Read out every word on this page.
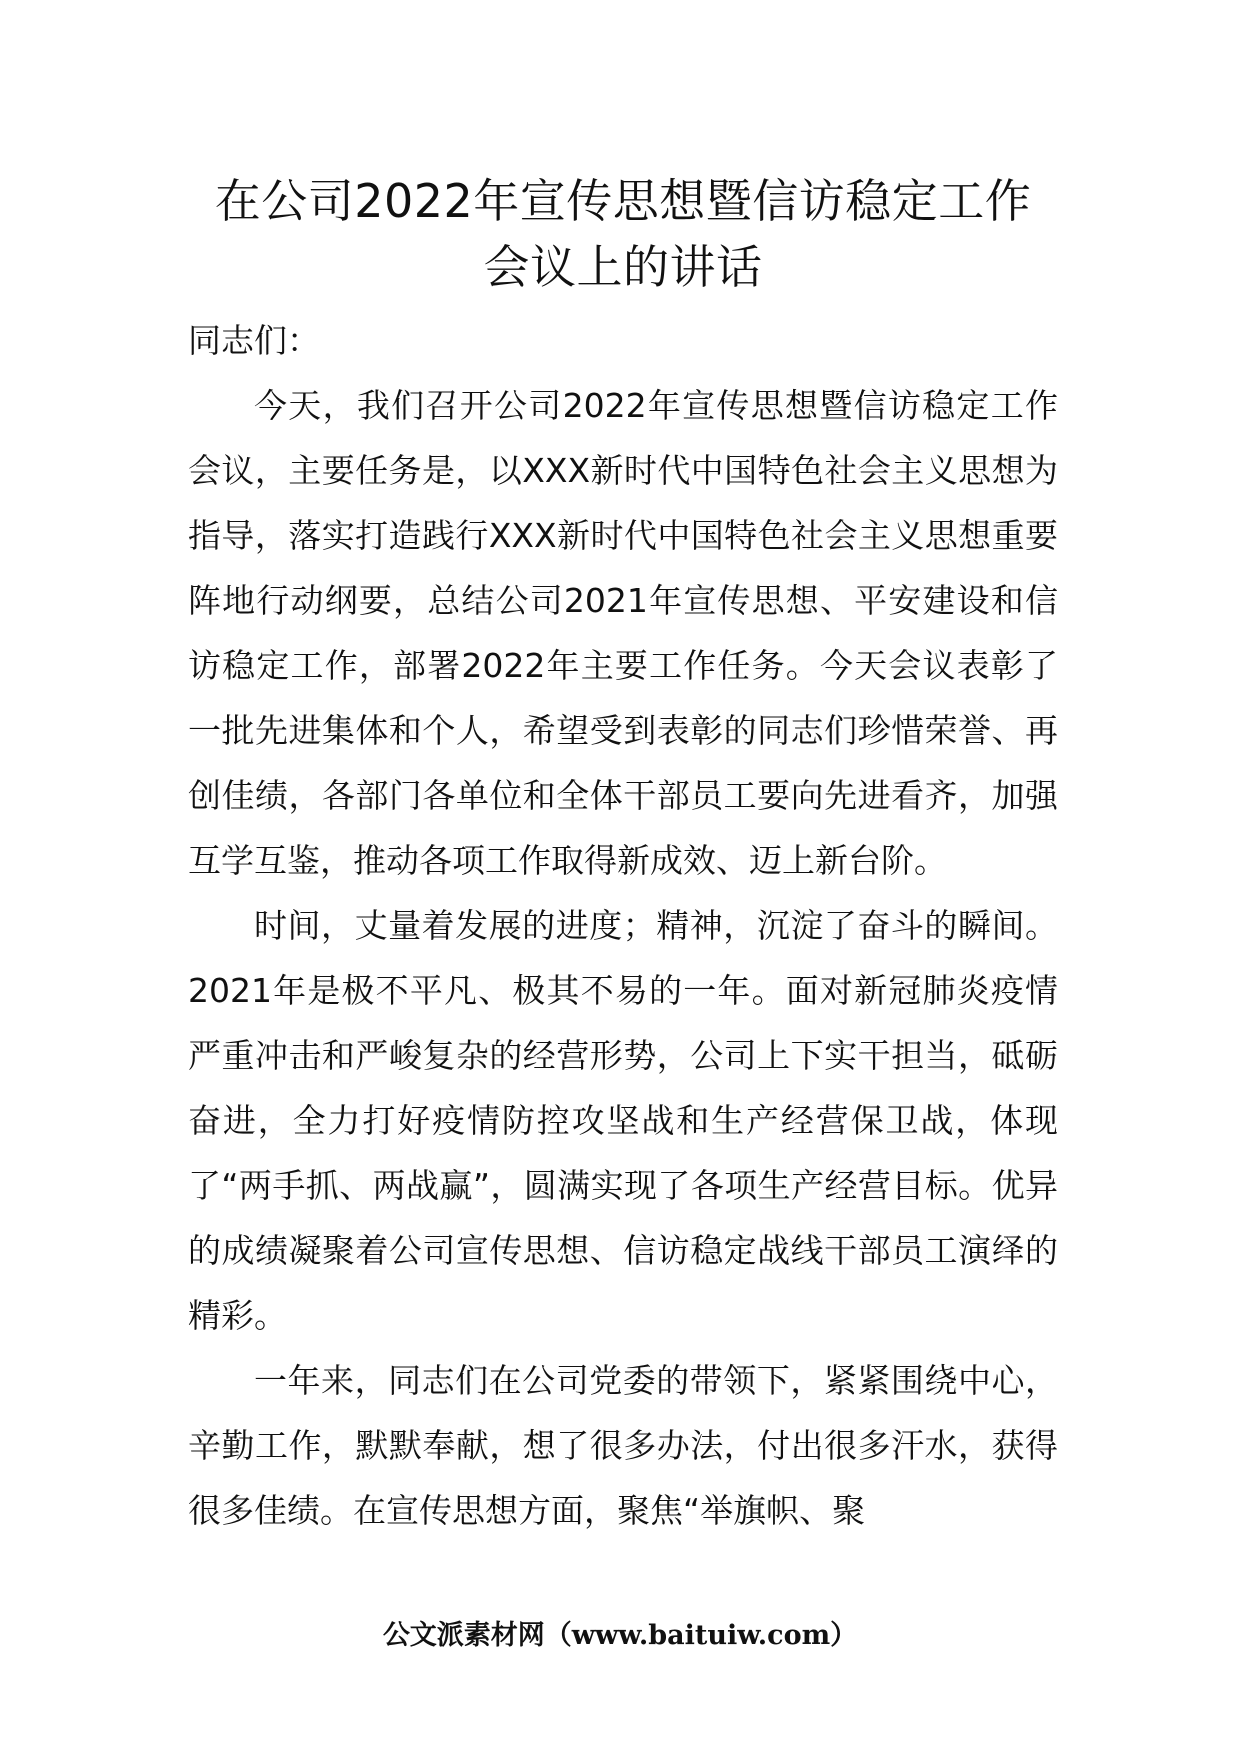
在公司2022年宣传思想暨信访稳定工作
会议上的讲话

同志们：

今天，我们召开公司2022年宣传思想暨信访稳定工作会议，主要任务是，以XXX新时代中国特色社会主义思想为指导，落实打造践行XXX新时代中国特色社会主义思想重要阵地行动纲要，总结公司2021年宣传思想、平安建设和信访稳定工作，部署2022年主要工作任务。今天会议表彰了一批先进集体和个人，希望受到表彰的同志们珍惜荣誉、再创佳绩，各部门各单位和全体干部员工要向先进看齐，加强互学互鉴，推动各项工作取得新成效、迈上新台阶。

时间，丈量着发展的进度；精神，沉淀了奋斗的瞬间。2021年是极不平凡、极其不易的一年。面对新冠肺炎疫情严重冲击和严峻复杂的经营形势，公司上下实干担当，砥砺奋进，全力打好疫情防控攻坚战和生产经营保卫战，体现了“两手抓、两战赢”，圆满实现了各项生产经营目标。优异的成绩凝聚着公司宣传思想、信访稳定战线干部员工演绎的精彩。

一年来，同志们在公司党委的带领下，紧紧围绕中心，辛勤工作，默默奉献，想了很多办法，付出很多汗水，获得很多佳绩。在宣传思想方面，聚焦“举旗帜、聚

公文派素材网（www.baituiw.com）
